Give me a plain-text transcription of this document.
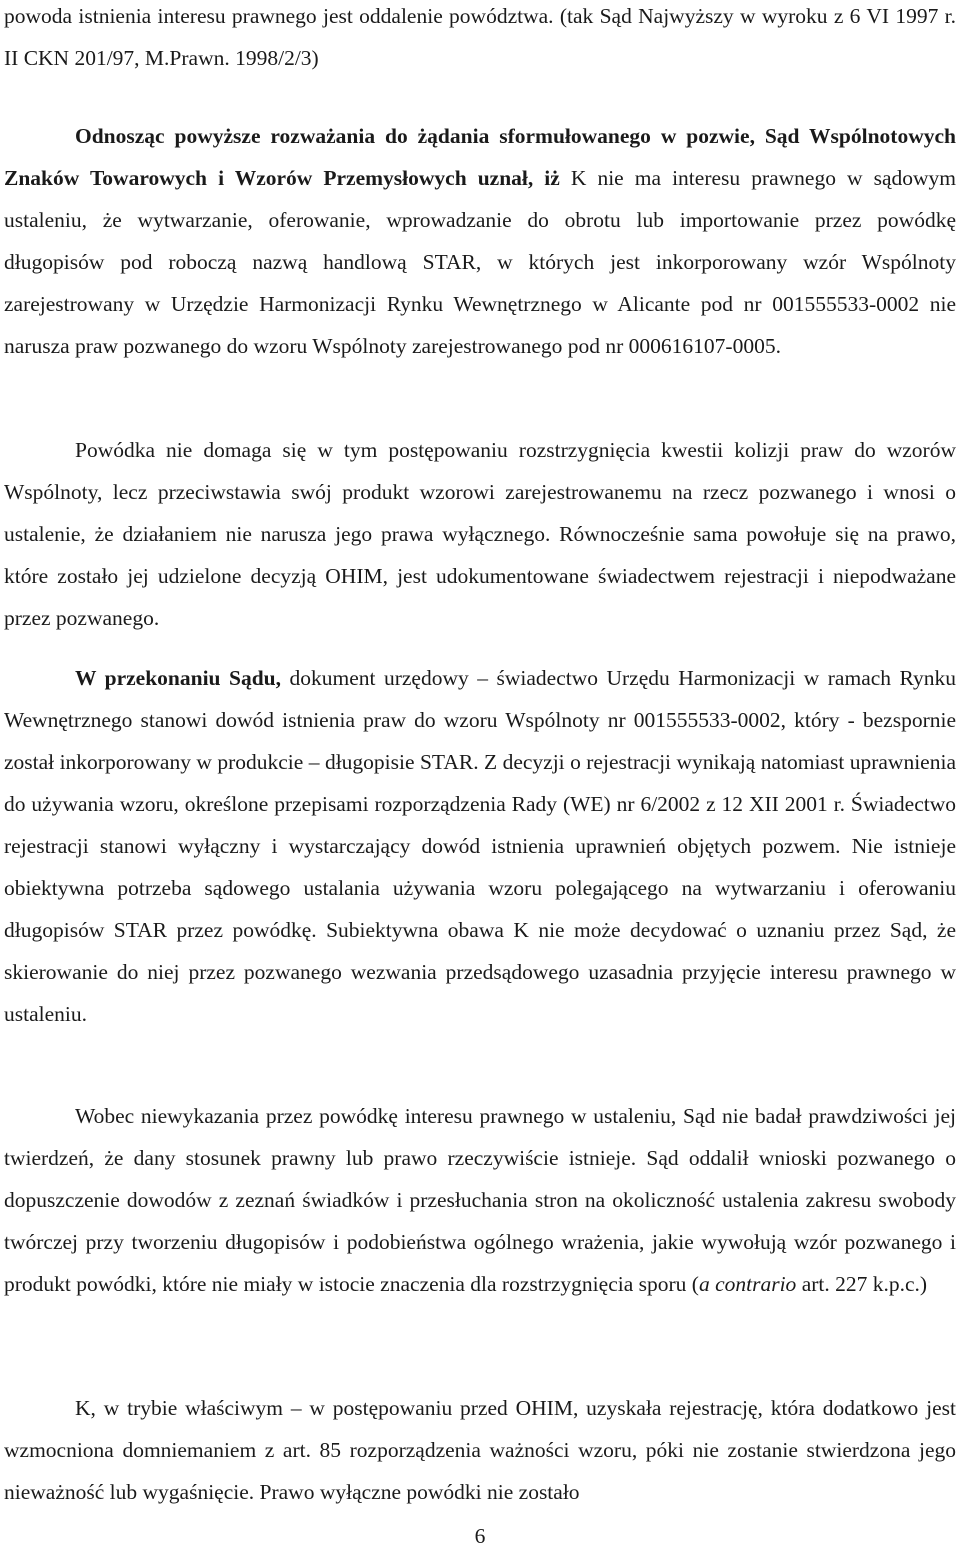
powoda istnienia interesu prawnego jest oddalenie powództwa. (tak Sąd Najwyższy w wyroku z 6 VI 1997 r. II CKN 201/97, M.Prawn. 1998/2/3)

Odnosząc powyższe rozważania do żądania sformułowanego w pozwie, Sąd Wspólnotowych Znaków Towarowych i Wzorów Przemysłowych uznał, iż K nie ma interesu prawnego w sądowym ustaleniu, że wytwarzanie, oferowanie, wprowadzanie do obrotu lub importowanie przez powódkę długopisów pod roboczą nazwą handlową STAR, w których jest inkorporowany wzór Wspólnoty zarejestrowany w Urzędzie Harmonizacji Rynku Wewnętrznego w Alicante pod nr 001555533-0002 nie narusza praw pozwanego do wzoru Wspólnoty zarejestrowanego pod nr 000616107-0005.

Powódka nie domaga się w tym postępowaniu rozstrzygnięcia kwestii kolizji praw do wzorów Wspólnoty, lecz przeciwstawia swój produkt wzorowi zarejestrowanemu na rzecz pozwanego i wnosi o ustalenie, że działaniem nie narusza jego prawa wyłącznego. Równocześnie sama powołuje się na prawo, które zostało jej udzielone decyzją OHIM, jest udokumentowane świadectwem rejestracji i niepodważane przez pozwanego.

W przekonaniu Sądu, dokument urzędowy – świadectwo Urzędu Harmonizacji w ramach Rynku Wewnętrznego stanowi dowód istnienia praw do wzoru Wspólnoty nr 001555533-0002, który - bezspornie został inkorporowany w produkcie – długopisie STAR. Z decyzji o rejestracji wynikają natomiast uprawnienia do używania wzoru, określone przepisami rozporządzenia Rady (WE) nr 6/2002 z 12 XII 2001 r. Świadectwo rejestracji stanowi wyłączny i wystarczający dowód istnienia uprawnień objętych pozwem. Nie istnieje obiektywna potrzeba sądowego ustalania używania wzoru polegającego na wytwarzaniu i oferowaniu długopisów STAR przez powódkę. Subiektywna obawa K nie może decydować o uznaniu przez Sąd, że skierowanie do niej przez pozwanego wezwania przedsądowego uzasadnia przyjęcie interesu prawnego w ustaleniu.

Wobec niewykazania przez powódkę interesu prawnego w ustaleniu, Sąd nie badał prawdziwości jej twierdzeń, że dany stosunek prawny lub prawo rzeczywiście istnieje. Sąd oddalił wnioski pozwanego o dopuszczenie dowodów z zeznań świadków i przesłuchania stron na okoliczność ustalenia zakresu swobody twórczej przy tworzeniu długopisów i podobieństwa ogólnego wrażenia, jakie wywołują wzór pozwanego i produkt powódki, które nie miały w istocie znaczenia dla rozstrzygnięcia sporu (a contrario art. 227 k.p.c.)

K, w trybie właściwym – w postępowaniu przed OHIM, uzyskała rejestrację, która dodatkowo jest wzmocniona domniemaniem z art. 85 rozporządzenia ważności wzoru, póki nie zostanie stwierdzona jego nieważność lub wygaśnięcie. Prawo wyłączne powódki nie zostało

6
